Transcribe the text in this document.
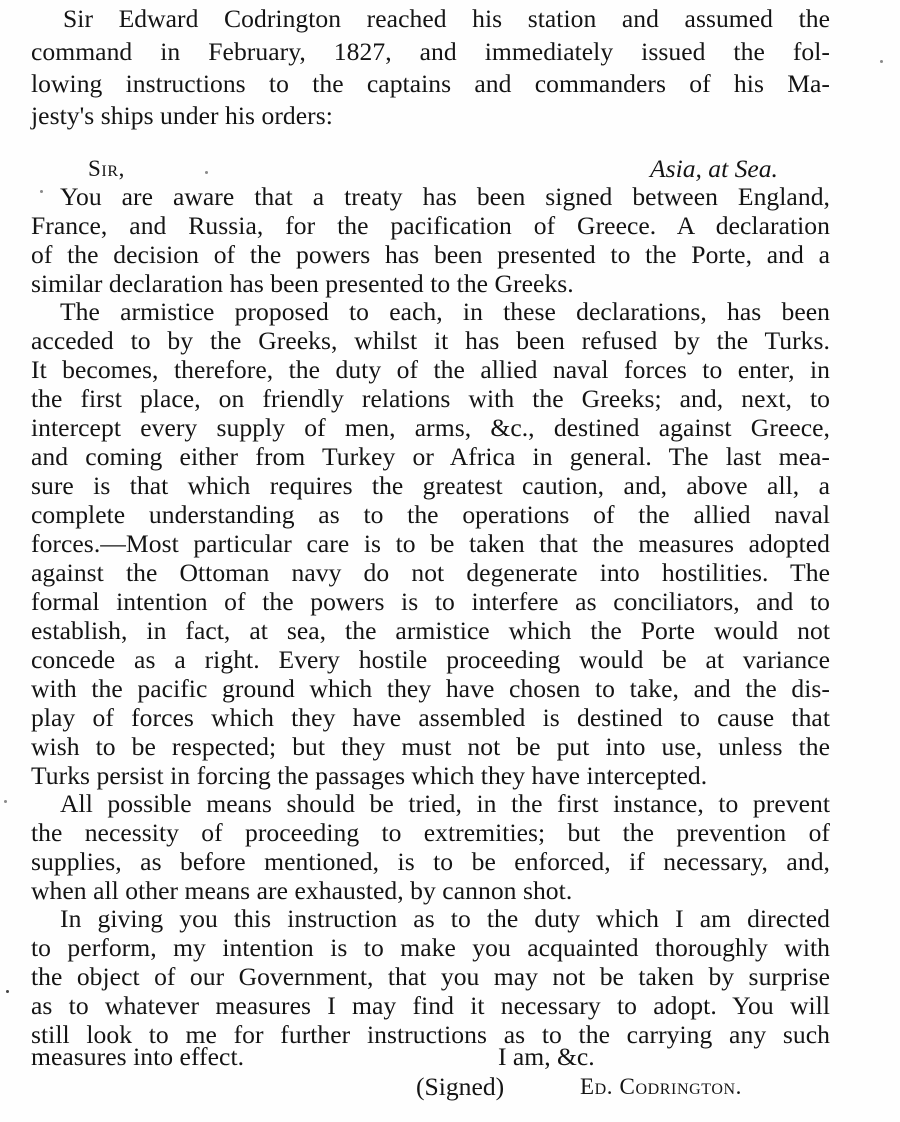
Sir Edward Codrington reached his station and assumed the
command in February, 1827, and immediately issued the fol-
lowing instructions to the captains and commanders of his Ma-
jesty's ships under his orders:
Sir,	Asia, at Sea.
You are aware that a treaty has been signed between England,
France, and Russia, for the pacification of Greece. A declaration
of the decision of the powers has been presented to the Porte, and a
similar declaration has been presented to the Greeks.
The armistice proposed to each, in these declarations, has been
acceded to by the Greeks, whilst it has been refused by the Turks.
It becomes, therefore, the duty of the allied naval forces to enter, in
the first place, on friendly relations with the Greeks; and, next, to
intercept every supply of men, arms, &c., destined against Greece,
and coming either from Turkey or Africa in general. The last mea-
sure is that which requires the greatest caution, and, above all, a
complete understanding as to the operations of the allied naval
forces.—Most particular care is to be taken that the measures adopted
against the Ottoman navy do not degenerate into hostilities. The
formal intention of the powers is to interfere as conciliators, and to
establish, in fact, at sea, the armistice which the Porte would not
concede as a right. Every hostile proceeding would be at variance
with the pacific ground which they have chosen to take, and the dis-
play of forces which they have assembled is destined to cause that
wish to be respected; but they must not be put into use, unless the
Turks persist in forcing the passages which they have intercepted.
All possible means should be tried, in the first instance, to prevent
the necessity of proceeding to extremities; but the prevention of
supplies, as before mentioned, is to be enforced, if necessary, and,
when all other means are exhausted, by cannon shot.
In giving you this instruction as to the duty which I am directed
to perform, my intention is to make you acquainted thoroughly with
the object of our Government, that you may not be taken by surprise
as to whatever measures I may find it necessary to adopt. You will
still look to me for further instructions as to the carrying any such
measures into effect.	I am, &c.
(Signed)	Ed. Codrington.
